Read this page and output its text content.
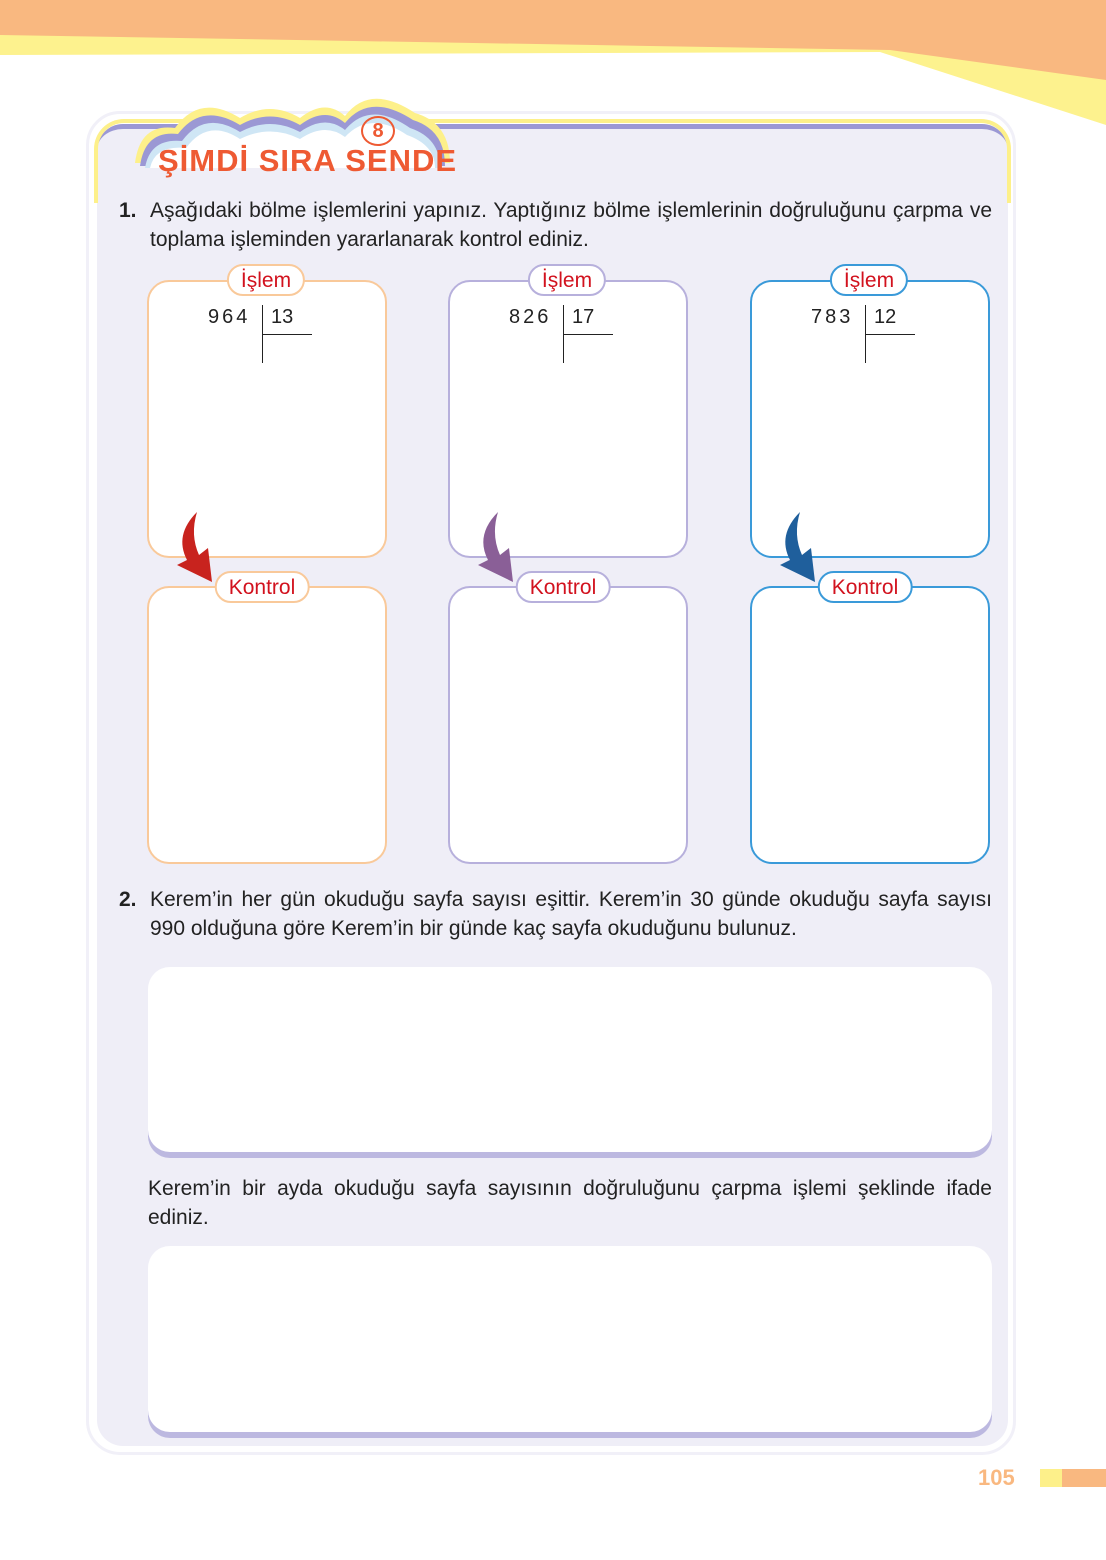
8
ŞİMDİ SIRA SENDE
1. Aşağıdaki bölme işlemlerini yapınız. Yaptığınız bölme işlemlerinin doğruluğunu çarpma ve toplama işleminden yararlanarak kontrol ediniz.
İşlem
964 13
Kontrol
İşlem
826 17
Kontrol
İşlem
783 12
Kontrol
2. Kerem’in her gün okuduğu sayfa sayısı eşittir. Kerem’in 30 günde okuduğu sayfa sayısı 990 olduğuna göre Kerem’in bir günde kaç sayfa okuduğunu bulunuz.
Kerem’in bir ayda okuduğu sayfa sayısının doğruluğunu çarpma işlemi şeklinde ifade ediniz.
105
